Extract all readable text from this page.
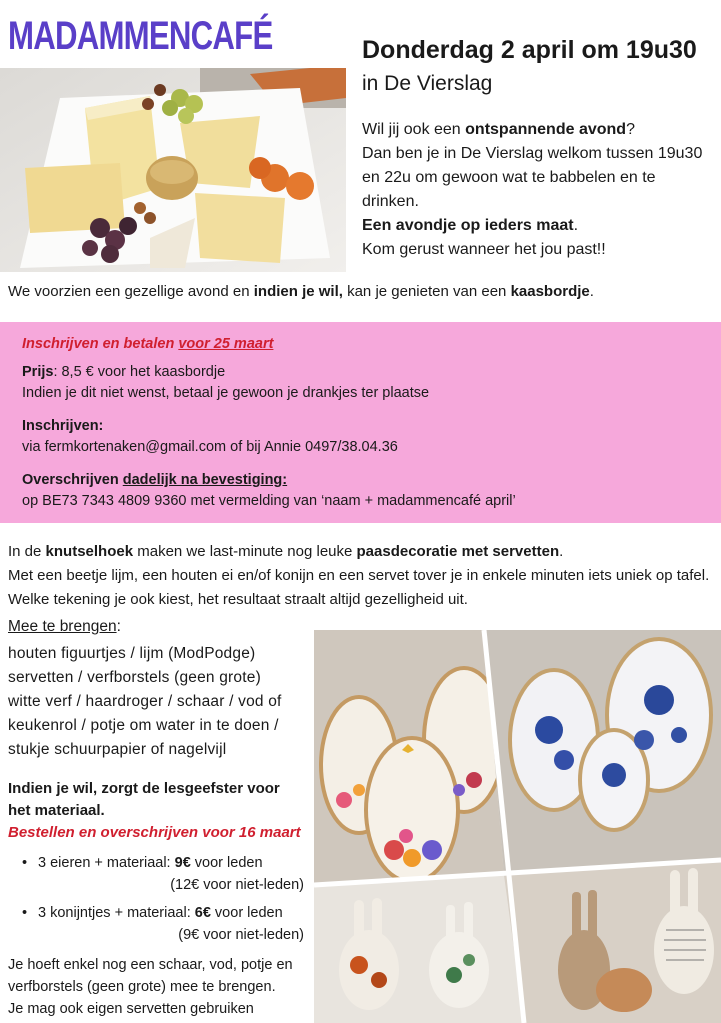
MADAMMENCAFÉ	Donderdag 2 april om 19u30
in De Vierslag

Wil jij ook een ontspannende avond?

Dan ben je in De Vierslag welkom tussen 19u30 en 22u om gewoon wat te babbelen en te drinken.

Een avondje op ieders maat.

Kom gerust wanneer het jou past!!

We voorzien een gezellige avond en indien je wil, kan je genieten van een kaasbordje.
Inschrijven en betalen voor 25 maart
Prijs: 8,5 € voor het kaasbordje
Indien je dit niet wenst, betaal je gewoon je drankjes ter plaatse
Inschrijven:
via fermkortenaken@gmail.com of bij Annie 0497/38.04.36
Overschrijven dadelijk na bevestiging:
op BE73 7343 4809 9360 met vermelding van ‘naam + madammencafé april’

In de knutselhoek maken we last-minute nog leuke paasdecoratie met servetten.

Met een beetje lijm, een houten ei en/of konijn en een servet tover je in enkele minuten iets uniek op tafel. Welke tekening je ook kiest, het resultaat straalt altijd gezelligheid uit.

Mee te brengen:
houten figuurtjes / lijm (ModPodge)
servetten / verfborstels (geen grote)
witte verf / haardroger / schaar / vod of
keukenrol / potje om water in te doen /
stukje schuurpapier of nagelvijl
Indien je wil, zorgt de lesgeefster voor
het materiaal.
Bestellen en overschrijven voor 16 maart
• 3 eieren + materiaal: 9€ voor leden
(12€ voor niet-leden)
• 3 konijntjes + materiaal: 6€ voor leden
(9€ voor niet-leden)
Je hoeft enkel nog een schaar, vod, potje en verfborstels (geen grote) mee te brengen.
Je mag ook eigen servetten gebruiken
